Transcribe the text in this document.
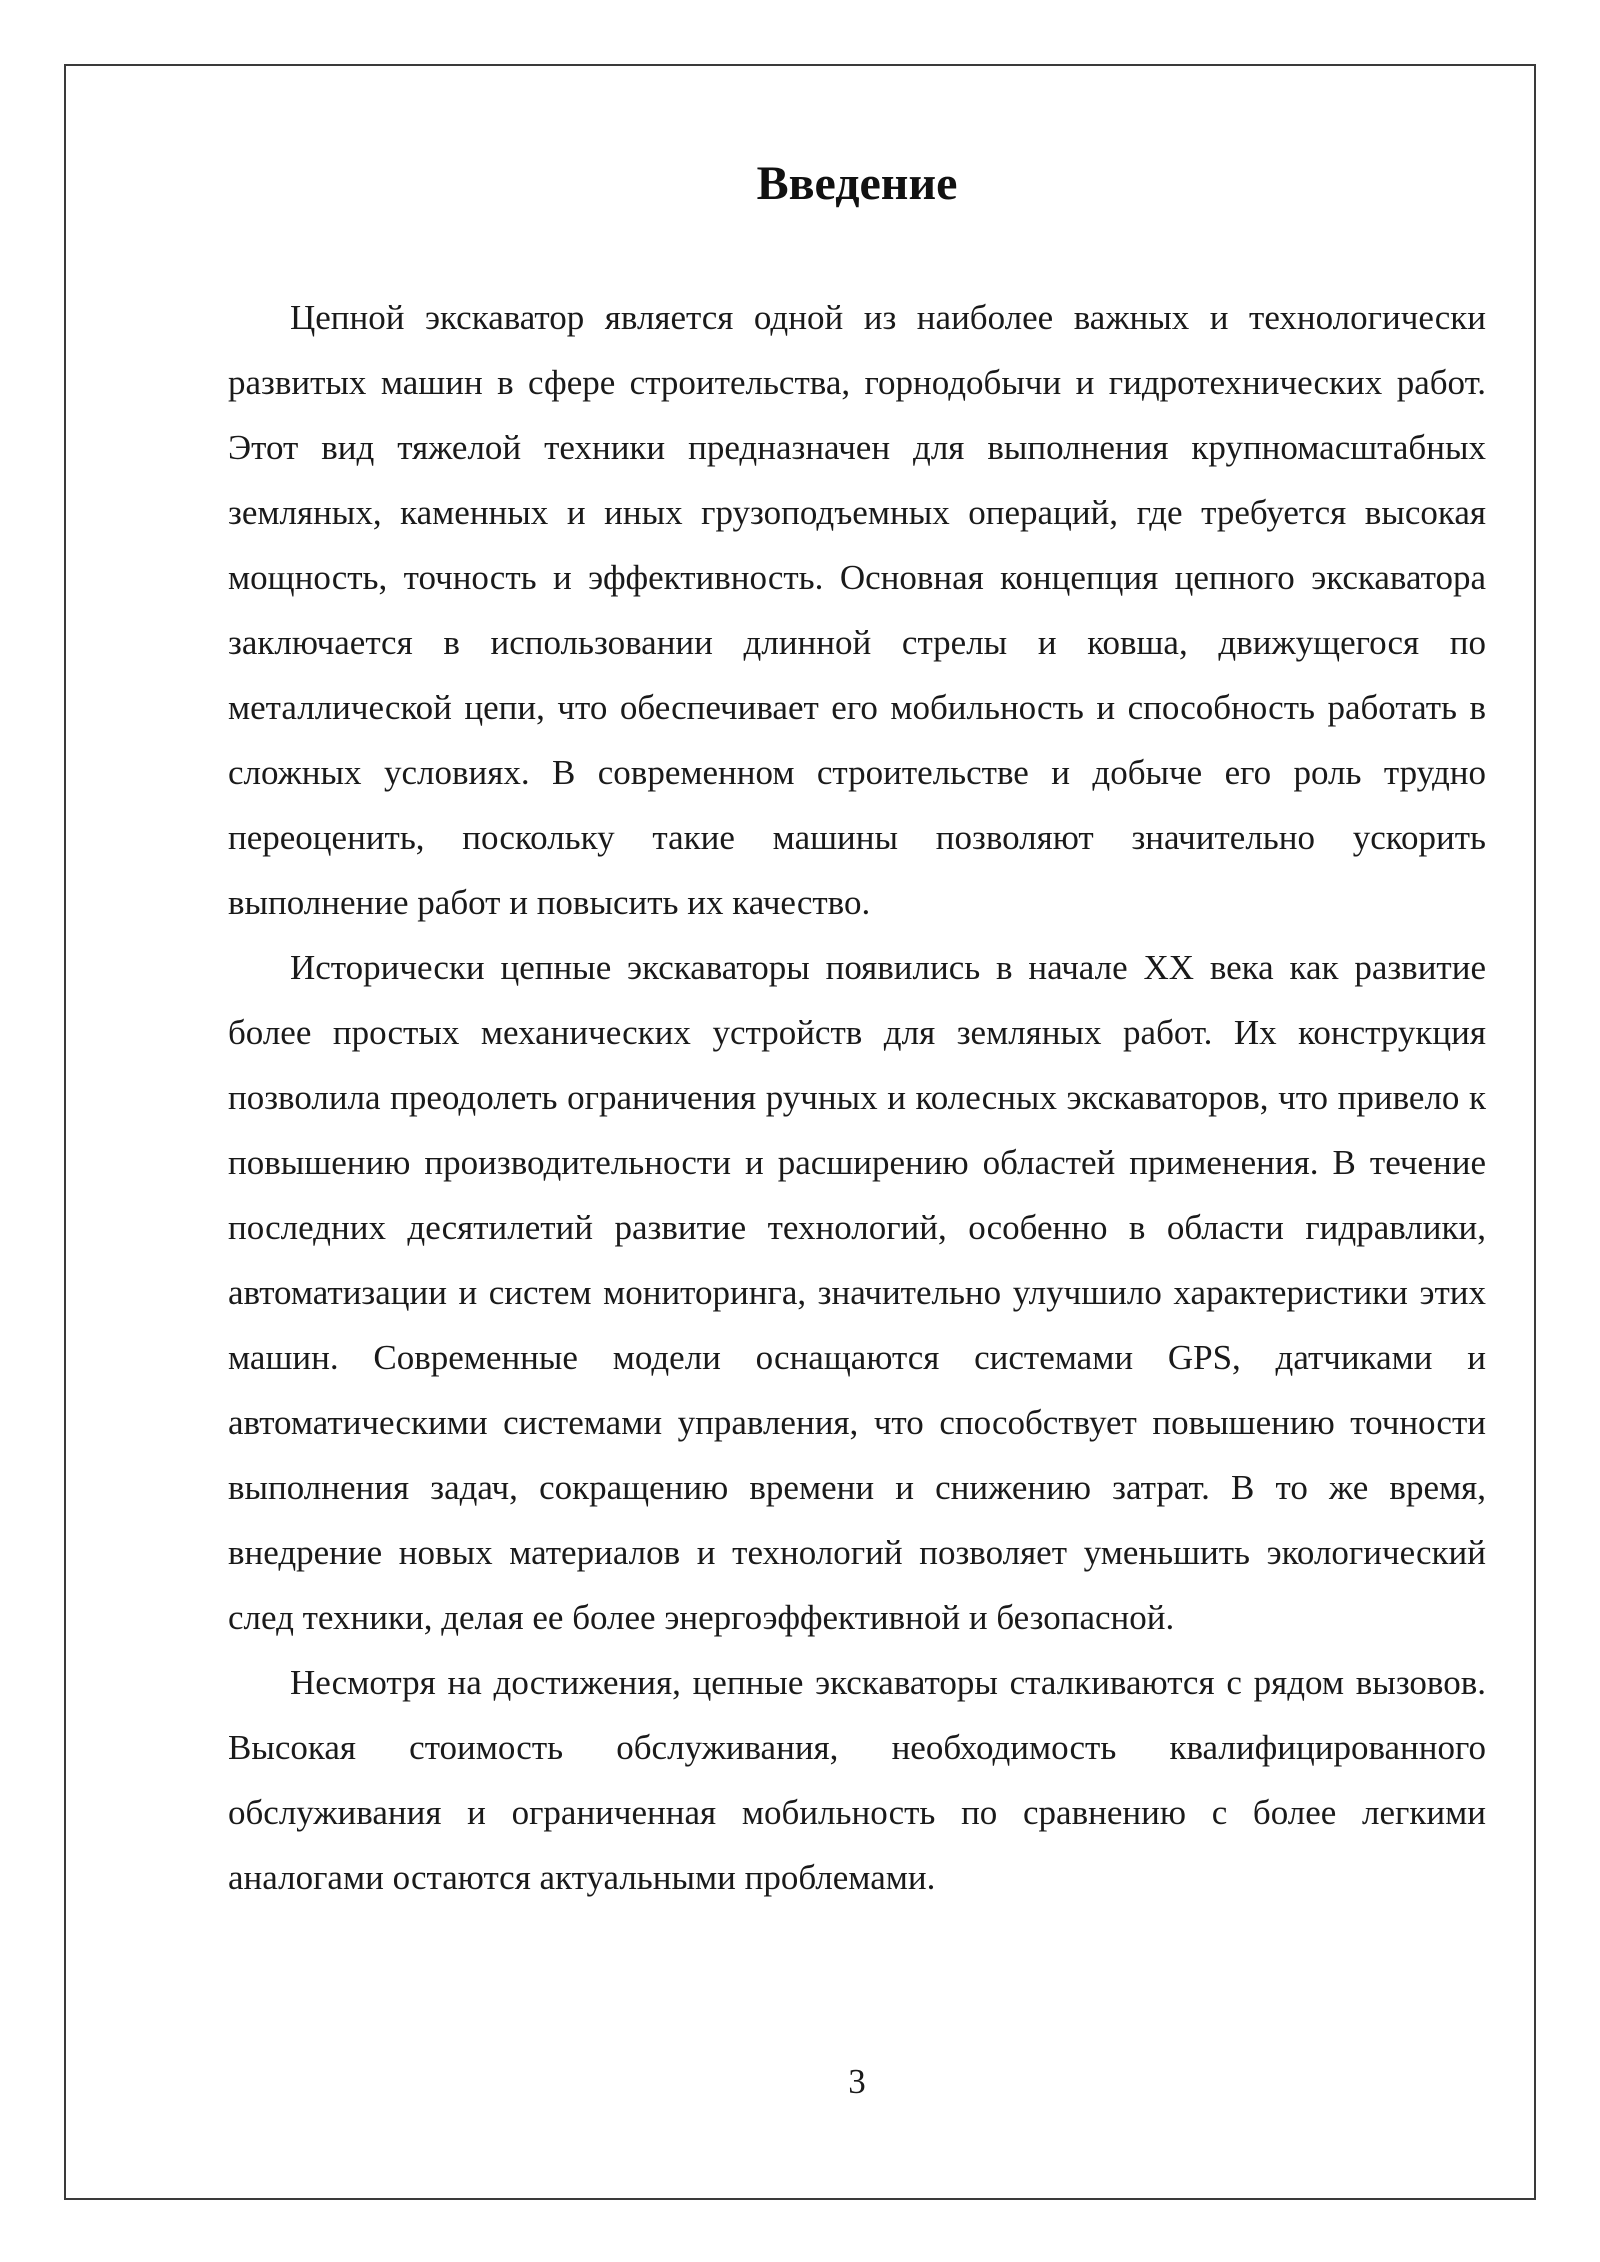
Введение

Цепной экскаватор является одной из наиболее важных и технологически развитых машин в сфере строительства, горнодобычи и гидротехнических работ. Этот вид тяжелой техники предназначен для выполнения крупномасштабных земляных, каменных и иных грузоподъемных операций, где требуется высокая мощность, точность и эффективность. Основная концепция цепного экскаватора заключается в использовании длинной стрелы и ковша, движущегося по металлической цепи, что обеспечивает его мобильность и способность работать в сложных условиях. В современном строительстве и добыче его роль трудно переоценить, поскольку такие машины позволяют значительно ускорить выполнение работ и повысить их качество.

Исторически цепные экскаваторы появились в начале XX века как развитие более простых механических устройств для земляных работ. Их конструкция позволила преодолеть ограничения ручных и колесных экскаваторов, что привело к повышению производительности и расширению областей применения. В течение последних десятилетий развитие технологий, особенно в области гидравлики, автоматизации и систем мониторинга, значительно улучшило характеристики этих машин. Современные модели оснащаются системами GPS, датчиками и автоматическими системами управления, что способствует повышению точности выполнения задач, сокращению времени и снижению затрат. В то же время, внедрение новых материалов и технологий позволяет уменьшить экологический след техники, делая ее более энергоэффективной и безопасной.

Несмотря на достижения, цепные экскаваторы сталкиваются с рядом вызовов. Высокая стоимость обслуживания, необходимость квалифицированного обслуживания и ограниченная мобильность по сравнению с более легкими аналогами остаются актуальными проблемами.

3
